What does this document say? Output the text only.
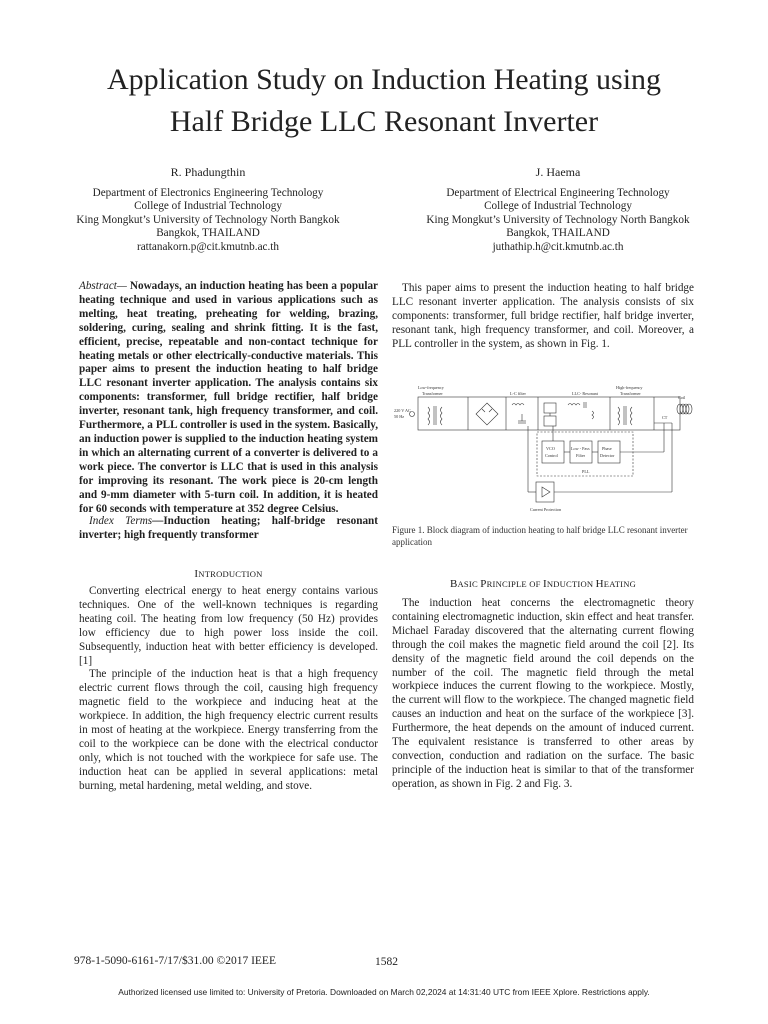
Application Study on Induction Heating using
Half Bridge LLC Resonant Inverter
R. Phadungthin
Department of Electronics Engineering Technology
College of Industrial Technology
King Mongkut’s University of Technology North Bangkok
Bangkok, THAILAND
rattanakorn.p@cit.kmutnb.ac.th
J. Haema
Department of Electrical Engineering Technology
College of Industrial Technology
King Mongkut’s University of Technology North Bangkok
Bangkok, THAILAND
juthathip.h@cit.kmutnb.ac.th
Abstract— Nowadays, an induction heating has been a popular heating technique and used in various applications such as melting, heat treating, preheating for welding, brazing, soldering, curing, sealing and shrink fitting. It is the fast, efficient, precise, repeatable and non-contact technique for heating metals or other electrically-conductive materials. This paper aims to present the induction heating to half bridge LLC resonant inverter application. The analysis contains six components: transformer, full bridge rectifier, half bridge inverter, resonant tank, high frequency transformer, and coil. Furthermore, a PLL controller is used in the system. Basically, an induction power is supplied to the induction heating system in which an alternating current of a converter is delivered to a work piece. The convertor is LLC that is used in this analysis for improving its resonant. The work piece is 20-cm length and 9-mm diameter with 5-turn coil. In addition, it is heated for 60 seconds with temperature at 352 degree Celsius.
Index Terms—Induction heating; half-bridge resonant inverter; high frequently transformer
INTRODUCTION

Converting electrical energy to heat energy contains various techniques. One of the well-known techniques is regarding heating coil. The heating from low frequency (50 Hz) provides low efficiency due to high power loss inside the coil. Subsequently, induction heat with better efficiency is developed. [1]

The principle of the induction heat is that a high frequency electric current flows through the coil, causing high frequency magnetic field to the workpiece and inducing heat at the workpiece. In addition, the high frequency electric current results in most of heating at the workpiece. Energy transferring from the coil to the workpiece can be done with the electrical conductor only, which is not touched with the workpiece for safe use. The induction heat can be applied in several applications: metal burning, metal hardening, metal welding, and stove.

This paper aims to present the induction heating to half bridge LLC resonant inverter application. The analysis consists of six components: transformer, full bridge rectifier, half bridge inverter, resonant tank, high frequency transformer, and coil. Moreover, a PLL controller in the system, as shown in Fig. 1.

Low-frequency
Transformer	L-C filter	LLC- Resonant
High-frequency
Transformer
Coil
220 V AC
50 Hz	CT
VCO
Control
Low - Pass
Filter
Phase
Detector
PLL
Current Protection
Figure 1. Block diagram of induction heating to half bridge LLC resonant inverter application
BASIC PRINCIPLE OF INDUCTION HEATING

The induction heat concerns the electromagnetic theory containing electromagnetic induction, skin effect and heat transfer. Michael Faraday discovered that the alternating current flowing through the coil makes the magnetic field around the coil [2]. Its density of the magnetic field around the coil depends on the number of the coil. The magnetic field through the metal workpiece induces the current flowing to the workpiece. Mostly, the current will flow to the workpiece. The changed magnetic field causes an induction and heat on the surface of the workpiece [3]. Furthermore, the heat depends on the amount of induced current. The equivalent resistance is transferred to other areas by convection, conduction and radiation on the surface. The basic principle of the induction heat is similar to that of the transformer operation, as shown in Fig. 2 and Fig. 3.

978-1-5090-6161-7/17/$31.00 ©2017 IEEE	1582
Authorized licensed use limited to: University of Pretoria. Downloaded on March 02,2024 at 14:31:40 UTC from IEEE Xplore. Restrictions apply.
